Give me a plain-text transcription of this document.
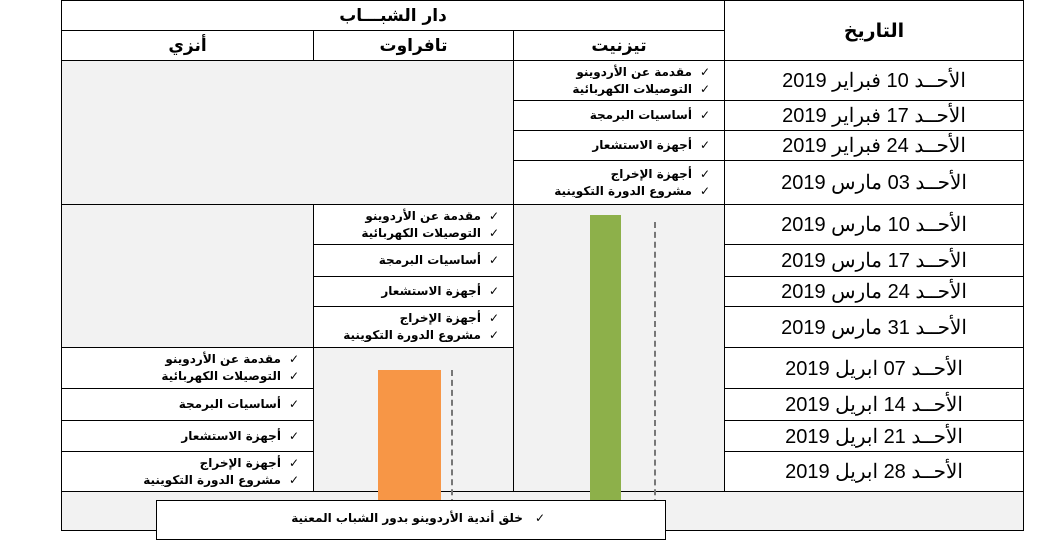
دار الشبـــاب
التاريخ
تيزنيت
تافراوت
أنزي
الأحــد 10 فبراير 2019
الأحــد 17 فبراير 2019
الأحــد 24 فبراير 2019
الأحــد 03 مارس 2019
الأحــد 10 مارس 2019
الأحــد 17 مارس 2019
الأحــد 24 مارس 2019
الأحــد 31 مارس 2019
الأحــد 07 ابريل 2019
الأحــد 14 ابريل 2019
الأحــد 21 ابريل 2019
الأحــد 28 ابريل 2019
✓مقدمة عن الأردوينو
✓التوصيلات الكهربائية
✓أساسيات البرمجة
✓أجهزة الاستشعار
✓أجهزة الإخراج
✓مشروع الدورة التكوينية
✓مقدمة عن الأردوينو
✓التوصيلات الكهربائية
✓أساسيات البرمجة
✓أجهزة الاستشعار
✓أجهزة الإخراج
✓مشروع الدورة التكوينية
✓مقدمة عن الأردوينو
✓التوصيلات الكهربائية
✓أساسيات البرمجة
✓أجهزة الاستشعار
✓أجهزة الإخراج
✓مشروع الدورة التكوينية
✓خلق أندية الأردوينو بدور الشباب المعنية
